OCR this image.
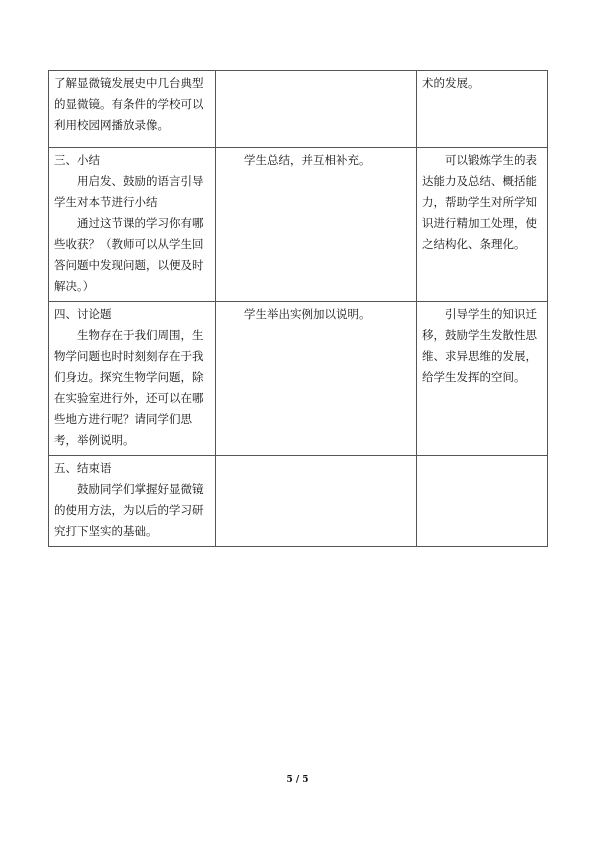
了解显微镜发展史中几台典型的显微镜。有条件的学校可以利用校园网播放录像。		术的发展。

三、小结
用启发、鼓励的语言引导学生对本节进行小结
通过这节课的学习你有哪些收获？（教师可以从学生回答问题中发现问题，以便及时解决。）	学生总结，并互相补充。	可以锻炼学生的表达能力及总结、概括能力，帮助学生对所学知识进行精加工处理，使之结构化、条理化。

四、讨论题
生物存在于我们周围，生物学问题也时时刻刻存在于我们身边。探究生物学问题，除在实验室进行外，还可以在哪些地方进行呢？请同学们思考，举例说明。	学生举出实例加以说明。	引导学生的知识迁移，鼓励学生发散性思维、求异思维的发展，给学生发挥的空间。

五、结束语
鼓励同学们掌握好显微镜的使用方法，为以后的学习研究打下坚实的基础。		

5 / 5
